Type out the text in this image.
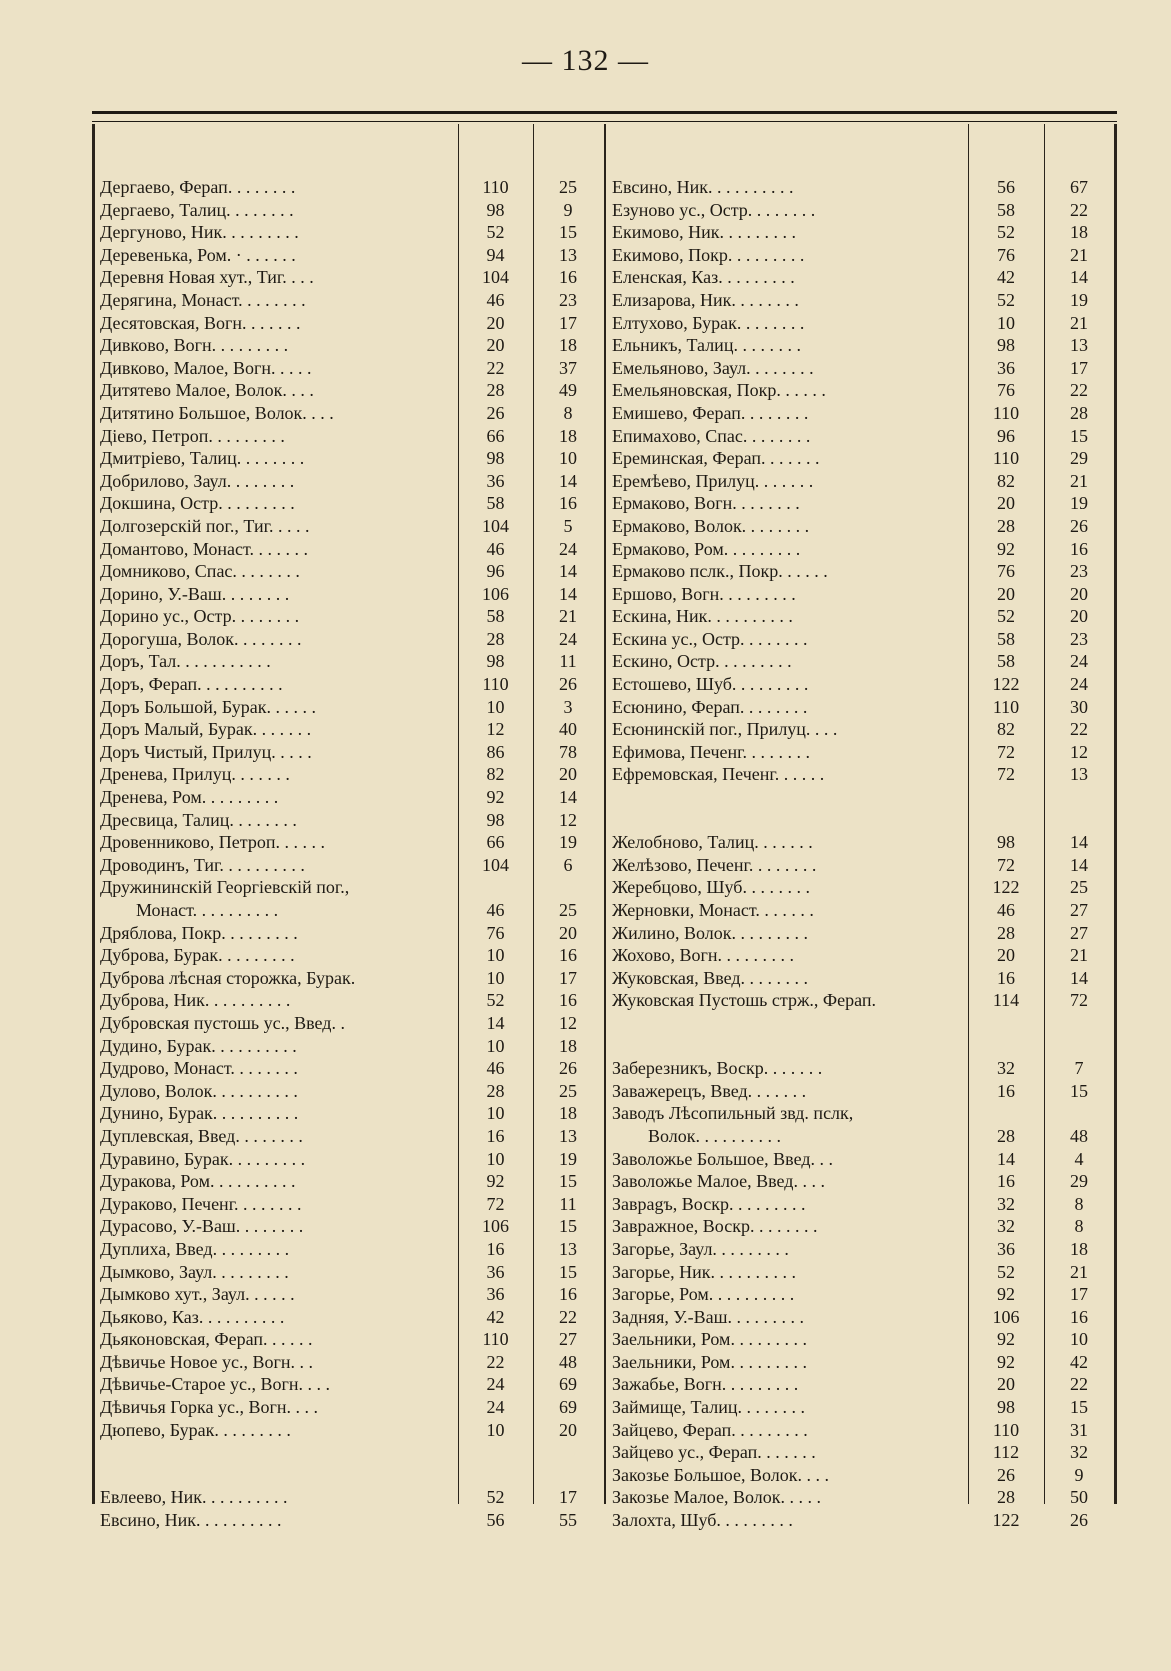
— 132 —
Дергаево, Ферап. . . . . . . .	110	25
Дергаево, Талиц. . . . . . . .	98	9
Дергуново, Ник. . . . . . . . .	52	15
Деревенька, Ром. · . . . . . .	94	13
Деревня Новая хут., Тиг. . . .	104	16
Дерягина, Монаст. . . . . . . .	46	23
Десятовская, Вогн. . . . . . .	20	17
Дивково, Вогн. . . . . . . . .	20	18
Дивково, Малое, Вогн. . . . .	22	37
Дитятево Малое, Волок. . . .	28	49
Дитятино Большое, Волок. . . .	26	8
Діево, Петроп. . . . . . . . .	66	18
Дмитріево, Талиц. . . . . . . .	98	10
Добрилово, Заул. . . . . . . .	36	14
Докшина, Остр. . . . . . . . .	58	16
Долгозерскій пог., Тиг. . . . .	104	5
Домантово, Монаст. . . . . . .	46	24
Домниково, Спас. . . . . . . .	96	14
Дорино, У.-Ваш. . . . . . . .	106	14
Дорино ус., Остр. . . . . . . .	58	21
Дорогуша, Волок. . . . . . . .	28	24
Доръ, Тал. . . . . . . . . . .	98	11
Доръ, Ферап. . . . . . . . . .	110	26
Доръ Большой, Бурак. . . . . .	10	3
Доръ Малый, Бурак. . . . . . .	12	40
Доръ Чистый, Прилуц. . . . .	86	78
Дренева, Прилуц. . . . . . .	82	20
Дренева, Ром. . . . . . . . .	92	14
Дресвица, Талиц. . . . . . . .	98	12
Дровенниково, Петроп. . . . . .	66	19
Дроводинъ, Тиг. . . . . . . . . .	104	6
Дружининскій Георгіевскій пог.,
Монаст. . . . . . . . . .	46	25
Дряблова, Покр. . . . . . . . .	76	20
Дуброва, Бурак. . . . . . . . .	10	16
Дуброва лѣсная сторожка, Бурак.	10	17
Дуброва, Ник. . . . . . . . . .	52	16
Дубровская пустошь ус., Введ. .	14	12
Дудино, Бурак. . . . . . . . . .	10	18
Дудрово, Монаст. . . . . . . .	46	26
Дулово, Волок. . . . . . . . . .	28	25
Дунино, Бурак. . . . . . . . . .	10	18
Дуплевская, Введ. . . . . . . .	16	13
Дуравино, Бурак. . . . . . . . .	10	19
Дуракова, Ром. . . . . . . . . .	92	15
Дураково, Печенг. . . . . . . .	72	11
Дурасово, У.-Ваш. . . . . . . .	106	15
Дуплиха, Введ. . . . . . . . .	16	13
Дымково, Заул. . . . . . . . .	36	15
Дымково хут., Заул. . . . . .	36	16
Дьяково, Каз. . . . . . . . . .	42	22
Дьяконовская, Ферап. . . . . .	110	27
Дѣвичье Новое ус., Вогн. . .	22	48
Дѣвичье-Старое ус., Вогн. . . .	24	69
Дѣвичья Горка ус., Вогн. . . .	24	69
Дюпево, Бурак. . . . . . . . .	10	20
Евлеево, Ник. . . . . . . . . .	52	17
Евсино, Ник. . . . . . . . . .	56	55
Евсино, Ник. . . . . . . . . .	56	67
Езуново ус., Остр. . . . . . . .	58	22
Екимово, Ник. . . . . . . . .	52	18
Екимово, Покр. . . . . . . . .	76	21
Еленская, Каз. . . . . . . . .	42	14
Елизарова, Ник. . . . . . . .	52	19
Елтухово, Бурак. . . . . . . .	10	21
Ельникъ, Талиц. . . . . . . .	98	13
Емельяново, Заул. . . . . . . .	36	17
Емельяновская, Покр. . . . . .	76	22
Емишево, Ферап. . . . . . . .	110	28
Епимахово, Спас. . . . . . . .	96	15
Ереминская, Ферап. . . . . . .	110	29
Еремѣево, Прилуц. . . . . . .	82	21
Ермаково, Вогн. . . . . . . .	20	19
Ермаково, Волок. . . . . . . .	28	26
Ермаково, Ром. . . . . . . . .	92	16
Ермаково пслк., Покр. . . . . .	76	23
Ершово, Вогн. . . . . . . . .	20	20
Ескина, Ник. . . . . . . . . .	52	20
Ескина ус., Остр. . . . . . . .	58	23
Ескино, Остр. . . . . . . . .	58	24
Естошево, Шуб. . . . . . . . .	122	24
Есюнино, Ферап. . . . . . . .	110	30
Есюнинскій пог., Прилуц. . . .	82	22
Ефимова, Печенг. . . . . . . .	72	12
Ефремовская, Печенг. . . . . .	72	13
Желобново, Талиц. . . . . . .	98	14
Желѣзово, Печенг. . . . . . . .	72	14
Жеребцово, Шуб. . . . . . . .	122	25
Жерновки, Монаст. . . . . . .	46	27
Жилино, Волок. . . . . . . . .	28	27
Жохово, Вогн. . . . . . . . .	20	21
Жуковская, Введ. . . . . . . .	16	14
Жуковская Пустошь стрж., Ферап.	114	72
Заберезникъ, Воскр. . . . . . .	32	7
Заважерецъ, Введ. . . . . . .	16	15
Заводъ Лѣсопильный звд. пслк,
Волок. . . . . . . . . .	28	48
Заволожье Большое, Введ. . .	14	4
Заволожье Малое, Введ. . . .	16	29
Завраgъ, Воскр. . . . . . . . .	32	8
Завражное, Воскр. . . . . . . .	32	8
Загорье, Заул. . . . . . . . .	36	18
Загорье, Ник. . . . . . . . . .	52	21
Загорье, Ром. . . . . . . . . .	92	17
Задняя, У.-Ваш. . . . . . . . .	106	16
Заельники, Ром. . . . . . . . .	92	10
Заельники, Ром. . . . . . . . .	92	42
Зажабье, Вогн. . . . . . . . .	20	22
Займище, Талиц. . . . . . . .	98	15
Зайцево, Ферап. . . . . . . . .	110	31
Зайцево ус., Ферап. . . . . . .	112	32
Закозье Большое, Волок. . . .	26	9
Закозье Малое, Волок. . . . .	28	50
Залохта, Шуб. . . . . . . . .	122	26
